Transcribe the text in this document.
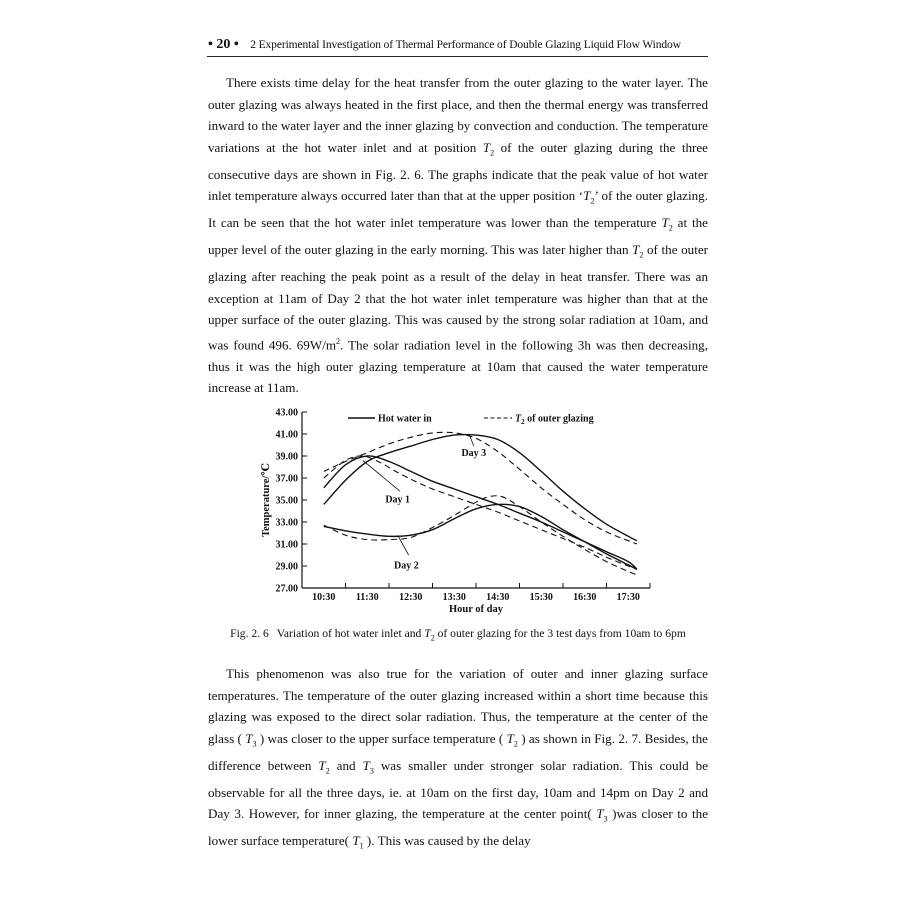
• 20 • 2 Experimental Investigation of Thermal Performance of Double Glazing Liquid Flow Window

There exists time delay for the heat transfer from the outer glazing to the water layer. The outer glazing was always heated in the first place, and then the thermal energy was transferred inward to the water layer and the inner glazing by convection and conduction. The temperature variations at the hot water inlet and at position $T_2$ of the outer glazing during the three consecutive days are shown in Fig. 2. 6. The graphs indicate that the peak value of hot water inlet temperature always occurred later than that at the upper position ‘$T_2$’ of the outer glazing. It can be seen that the hot water inlet temperature was lower than the temperature $T_2$ at the upper level of the outer glazing in the early morning. This was later higher than $T_2$ of the outer glazing after reaching the peak point as a result of the delay in heat transfer. There was an exception at 11am of Day 2 that the hot water inlet temperature was higher than that at the upper surface of the outer glazing. This was caused by the strong solar radiation at 10am, and was found 496. $69W/m^2$. The solar radiation level in the following 3h was then decreasing, thus it was the high outer glazing temperature at 10am that caused the water temperature increase at 11am.

27.00
29.00
31.00
33.00
35.00
37.00
39.00
41.00
43.00
10:30 11:30 12:30 13:30 14:30 15:30 16:30 17:30
Hour of day
Temperature/℃
Hot water in	$T_2$ of outer glazing
Day 3
Day 1
Day 2
Fig. 2. 6 Variation of hot water inlet and $T_2$ of outer glazing for the 3 test days from 10am to 6pm

This phenomenon was also true for the variation of outer and inner glazing surface temperatures. The temperature of the outer glazing increased within a short time because this glazing was exposed to the direct solar radiation. Thus, the temperature at the center of the glass ( $T_3$ ) was closer to the upper surface temperature ( $T_2$ ) as shown in Fig. 2. 7. Besides, the difference between $T_2$ and $T_3$ was smaller under stronger solar radiation. This could be observable for all the three days, ie. at 10am on the first day, 10am and 14pm on Day 2 and Day 3. However, for inner glazing, the temperature at the center point( $T_3$ )was closer to the lower surface temperature( $T_1$ ). This was caused by the delay
